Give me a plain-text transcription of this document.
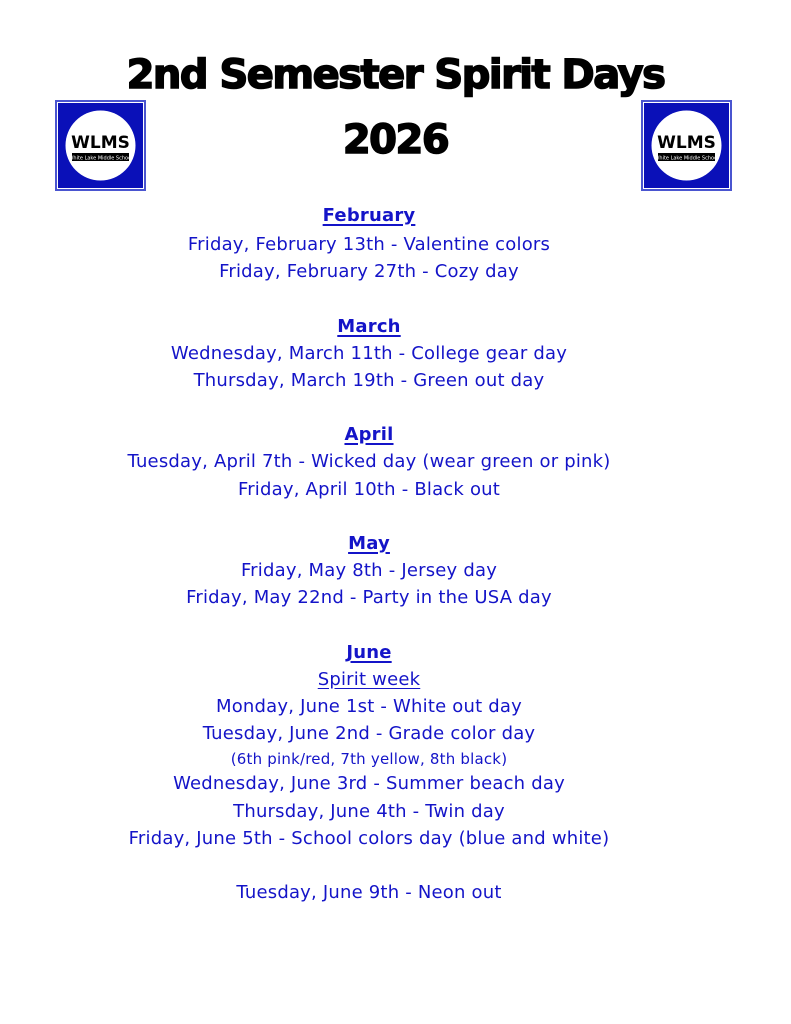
2nd Semester Spirit Days
2026
WLMS
White Lake Middle School
WLMS
White Lake Middle School
February
Friday, February 13th - Valentine colors
Friday, February 27th - Cozy day
March
Wednesday, March 11th - College gear day
Thursday, March 19th - Green out day
April
Tuesday, April 7th - Wicked day (wear green or pink)
Friday, April 10th - Black out
May
Friday, May 8th - Jersey day
Friday, May 22nd - Party in the USA day
June
Spirit week
Monday, June 1st - White out day
Tuesday, June 2nd - Grade color day
(6th pink/red, 7th yellow, 8th black)
Wednesday, June 3rd - Summer beach day
Thursday, June 4th - Twin day
Friday, June 5th - School colors day (blue and white)
Tuesday, June 9th - Neon out
